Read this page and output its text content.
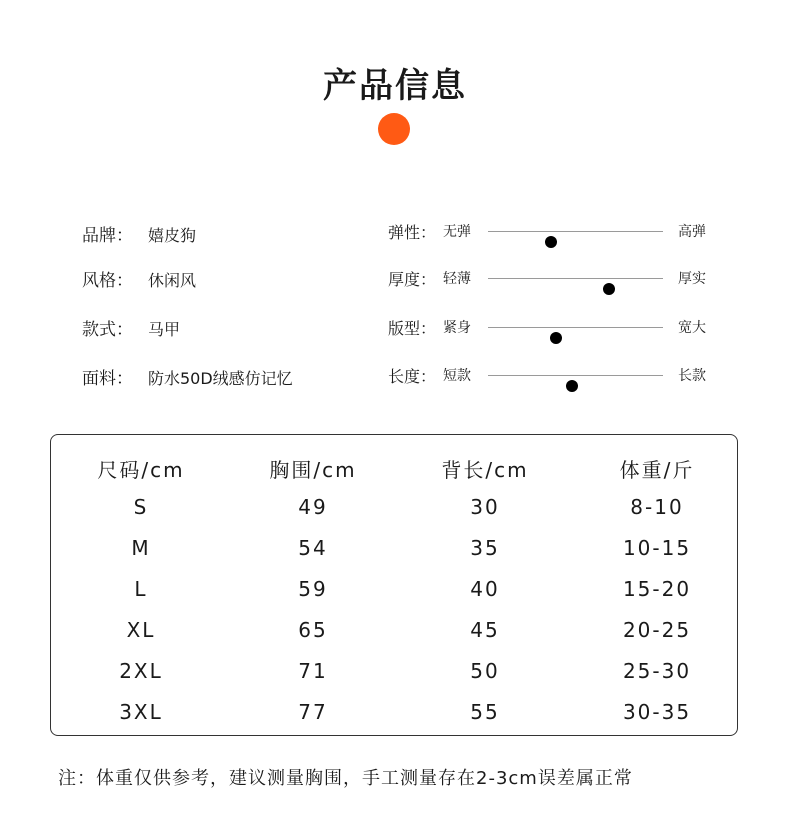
产品信息
品牌： 嬉皮狗
风格： 休闲风
款式： 马甲
面料： 防水50D绒感仿记忆
弹性： 无弹	高弹
厚度： 轻薄	厚实
版型： 紧身	宽大
长度： 短款	长款
尺码/cm	胸围/cm	背长/cm	体重/斤
S	49	30	8-10
M	54	35	10-15
L	59	40	15-20
XL	65	45	20-25
2XL	71	50	25-30
3XL	77	55	30-35
注：体重仅供参考，建议测量胸围，手工测量存在2-3cm误差属正常
